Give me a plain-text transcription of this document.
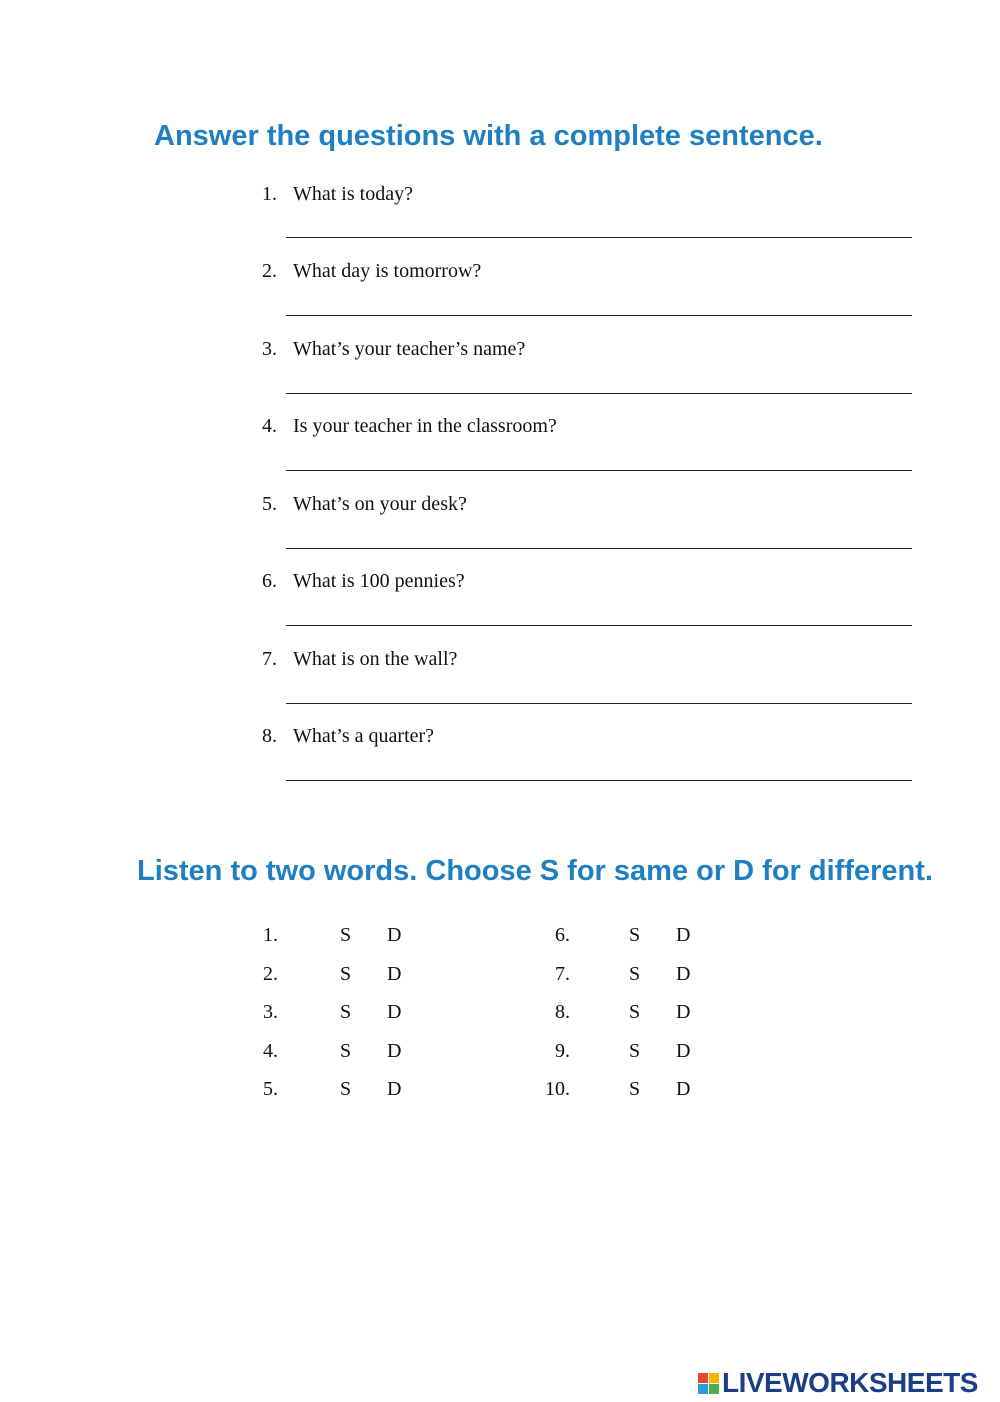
Answer the questions with a complete sentence.
1. What is today?
2. What day is tomorrow?
3. What’s your teacher’s name?
4. Is your teacher in the classroom?
5. What’s on your desk?
6. What is 100 pennies?
7. What is on the wall?
8. What’s a quarter?
Listen to two words. Choose S for same or D for different.
1.	S D
2.	S D
3.	S D
4.	S D
5.	S D
6.	S D
7.	S D
8.	S D
9.	S D
10.	S D
LIVEWORKSHEETS
